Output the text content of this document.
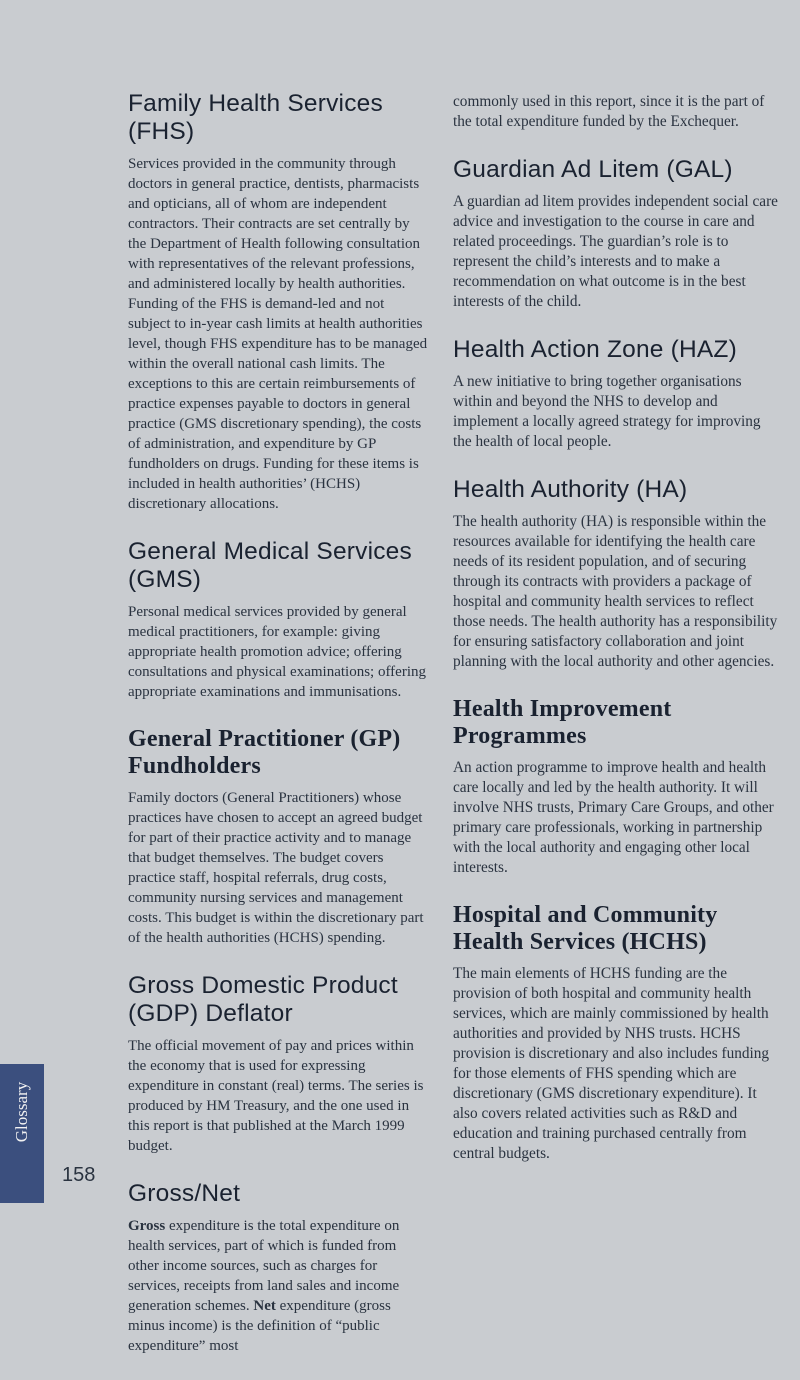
Family Health Services (FHS)

Services provided in the community through doctors in general practice, dentists, pharmacists and opticians, all of whom are independent contractors. Their contracts are set centrally by the Department of Health following consultation with representatives of the relevant professions, and administered locally by health authorities. Funding of the FHS is demand-led and not subject to in-year cash limits at health authorities level, though FHS expenditure has to be managed within the overall national cash limits. The exceptions to this are certain reimbursements of practice expenses payable to doctors in general practice (GMS discretionary spending), the costs of administration, and expenditure by GP fundholders on drugs. Funding for these items is included in health authorities’ (HCHS) discretionary allocations.

General Medical Services (GMS)

Personal medical services provided by general medical practitioners, for example: giving appropriate health promotion advice; offering consultations and physical examinations; offering appropriate examinations and immunisations.

General Practitioner (GP) Fundholders

Family doctors (General Practitioners) whose practices have chosen to accept an agreed budget for part of their practice activity and to manage that budget themselves. The budget covers practice staff, hospital referrals, drug costs, community nursing services and management costs. This budget is within the discretionary part of the health authorities (HCHS) spending.

Gross Domestic Product (GDP) Deflator

The official movement of pay and prices within the economy that is used for expressing expenditure in constant (real) terms. The series is produced by HM Treasury, and the one used in this report is that published at the March 1999 budget.

Gross/Net

Gross expenditure is the total expenditure on health services, part of which is funded from other income sources, such as charges for services, receipts from land sales and income generation schemes. Net expenditure (gross minus income) is the definition of “public expenditure” most

commonly used in this report, since it is the part of the total expenditure funded by the Exchequer.

Guardian Ad Litem (GAL)

A guardian ad litem provides independent social care advice and investigation to the course in care and related proceedings. The guardian’s role is to represent the child’s interests and to make a recommendation on what outcome is in the best interests of the child.

Health Action Zone (HAZ)

A new initiative to bring together organisations within and beyond the NHS to develop and implement a locally agreed strategy for improving the health of local people.

Health Authority (HA)

The health authority (HA) is responsible within the resources available for identifying the health care needs of its resident population, and of securing through its contracts with providers a package of hospital and community health services to reflect those needs. The health authority has a responsibility for ensuring satisfactory collaboration and joint planning with the local authority and other agencies.

Health Improvement Programmes

An action programme to improve health and health care locally and led by the health authority. It will involve NHS trusts, Primary Care Groups, and other primary care professionals, working in partnership with the local authority and engaging other local interests.

Hospital and Community Health Services (HCHS)

The main elements of HCHS funding are the provision of both hospital and community health services, which are mainly commissioned by health authorities and provided by NHS trusts. HCHS provision is discretionary and also includes funding for those elements of FHS spending which are discretionary (GMS discretionary expenditure). It also covers related activities such as R&D and education and training purchased centrally from central budgets.

Glossary
158
